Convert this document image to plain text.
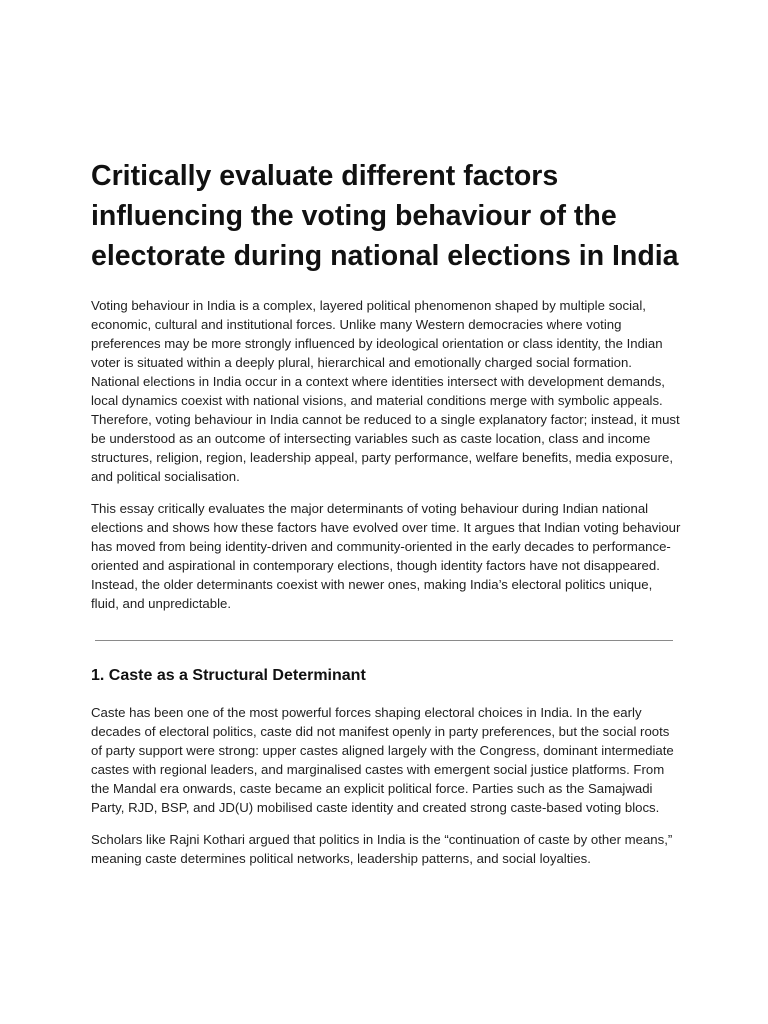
Critically evaluate different factors influencing the voting behaviour of the electorate during national elections in India

Voting behaviour in India is a complex, layered political phenomenon shaped by multiple social, economic, cultural and institutional forces. Unlike many Western democracies where voting preferences may be more strongly influenced by ideological orientation or class identity, the Indian voter is situated within a deeply plural, hierarchical and emotionally charged social formation. National elections in India occur in a context where identities intersect with development demands, local dynamics coexist with national visions, and material conditions merge with symbolic appeals. Therefore, voting behaviour in India cannot be reduced to a single explanatory factor; instead, it must be understood as an outcome of intersecting variables such as caste location, class and income structures, religion, region, leadership appeal, party performance, welfare benefits, media exposure, and political socialisation.

This essay critically evaluates the major determinants of voting behaviour during Indian national elections and shows how these factors have evolved over time. It argues that Indian voting behaviour has moved from being identity-driven and community-oriented in the early decades to performance-oriented and aspirational in contemporary elections, though identity factors have not disappeared. Instead, the older determinants coexist with newer ones, making India’s electoral politics unique, fluid, and unpredictable.

1. Caste as a Structural Determinant

Caste has been one of the most powerful forces shaping electoral choices in India. In the early decades of electoral politics, caste did not manifest openly in party preferences, but the social roots of party support were strong: upper castes aligned largely with the Congress, dominant intermediate castes with regional leaders, and marginalised castes with emergent social justice platforms. From the Mandal era onwards, caste became an explicit political force. Parties such as the Samajwadi Party, RJD, BSP, and JD(U) mobilised caste identity and created strong caste-based voting blocs.

Scholars like Rajni Kothari argued that politics in India is the “continuation of caste by other means,” meaning caste determines political networks, leadership patterns, and social loyalties.
